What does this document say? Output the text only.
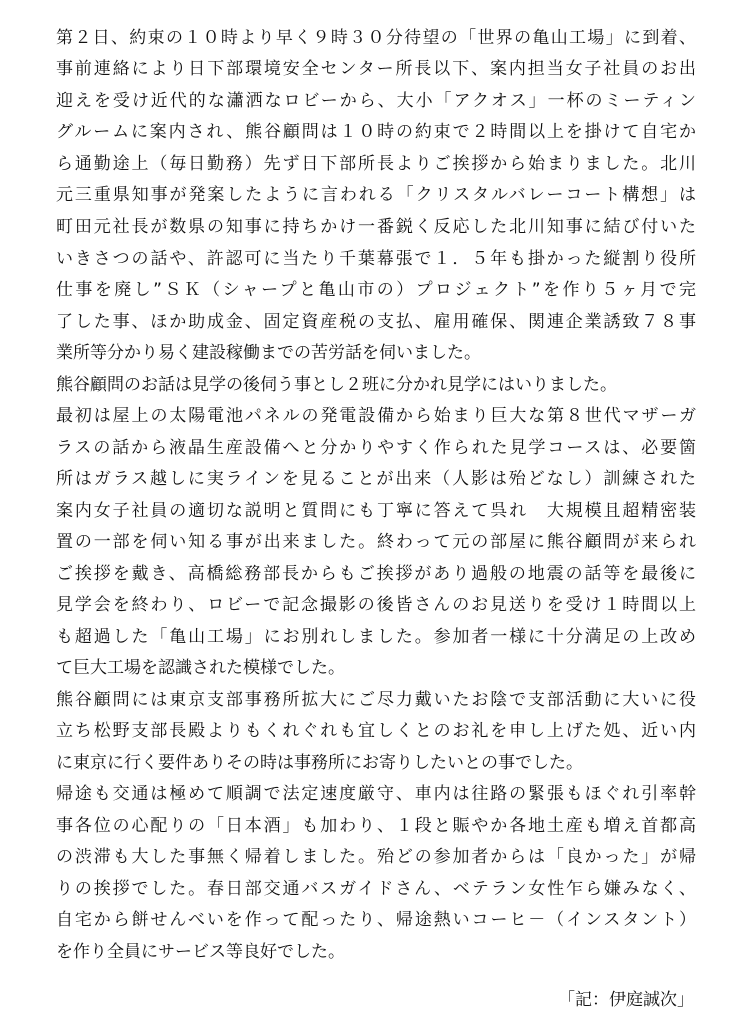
第２日、約束の１０時より早く９時３０分待望の「世界の亀山工場」に到着、
事前連絡により日下部環境安全センター所長以下、案内担当女子社員のお出
迎えを受け近代的な瀟洒なロビーから、大小「アクオス」一杯のミーティン
グルームに案内され、熊谷顧問は１０時の約束で２時間以上を掛けて自宅か
ら通勤途上（毎日勤務）先ず日下部所長よりご挨拶から始まりました。北川
元三重県知事が発案したように言われる「クリスタルバレーコート構想」は
町田元社長が数県の知事に持ちかけ一番鋭く反応した北川知事に結び付いた
いきさつの話や、許認可に当たり千葉幕張で１．５年も掛かった縦割り役所
仕事を廃し”ＳＫ（シャープと亀山市の）プロジェクト”を作り５ヶ月で完
了した事、ほか助成金、固定資産税の支払、雇用確保、関連企業誘致７８事
業所等分かり易く建設稼働までの苦労話を伺いました。
熊谷顧問のお話は見学の後伺う事とし２班に分かれ見学にはいりました。
最初は屋上の太陽電池パネルの発電設備から始まり巨大な第８世代マザーガ
ラスの話から液晶生産設備へと分かりやすく作られた見学コースは、必要箇
所はガラス越しに実ラインを見ることが出来（人影は殆どなし）訓練された
案内女子社員の適切な説明と質問にも丁寧に答えて呉れ　大規模且超精密装
置の一部を伺い知る事が出来ました。終わって元の部屋に熊谷顧問が来られ
ご挨拶を戴き、高橋総務部長からもご挨拶があり過般の地震の話等を最後に
見学会を終わり、ロビーで記念撮影の後皆さんのお見送りを受け１時間以上
も超過した「亀山工場」にお別れしました。参加者一様に十分満足の上改め
て巨大工場を認識された模様でした。
熊谷顧問には東京支部事務所拡大にご尽力戴いたお陰で支部活動に大いに役
立ち松野支部長殿よりもくれぐれも宜しくとのお礼を申し上げた処、近い内
に東京に行く要件ありその時は事務所にお寄りしたいとの事でした。
帰途も交通は極めて順調で法定速度厳守、車内は往路の緊張もほぐれ引率幹
事各位の心配りの「日本酒」も加わり、１段と賑やか各地土産も増え首都高
の渋滞も大した事無く帰着しました。殆どの参加者からは「良かった」が帰
りの挨拶でした。春日部交通バスガイドさん、ベテラン女性乍ら嫌みなく、
自宅から餅せんべいを作って配ったり、帰途熱いコーヒ－（インスタント）
を作り全員にサービス等良好でした。
「記：伊庭誠次」
